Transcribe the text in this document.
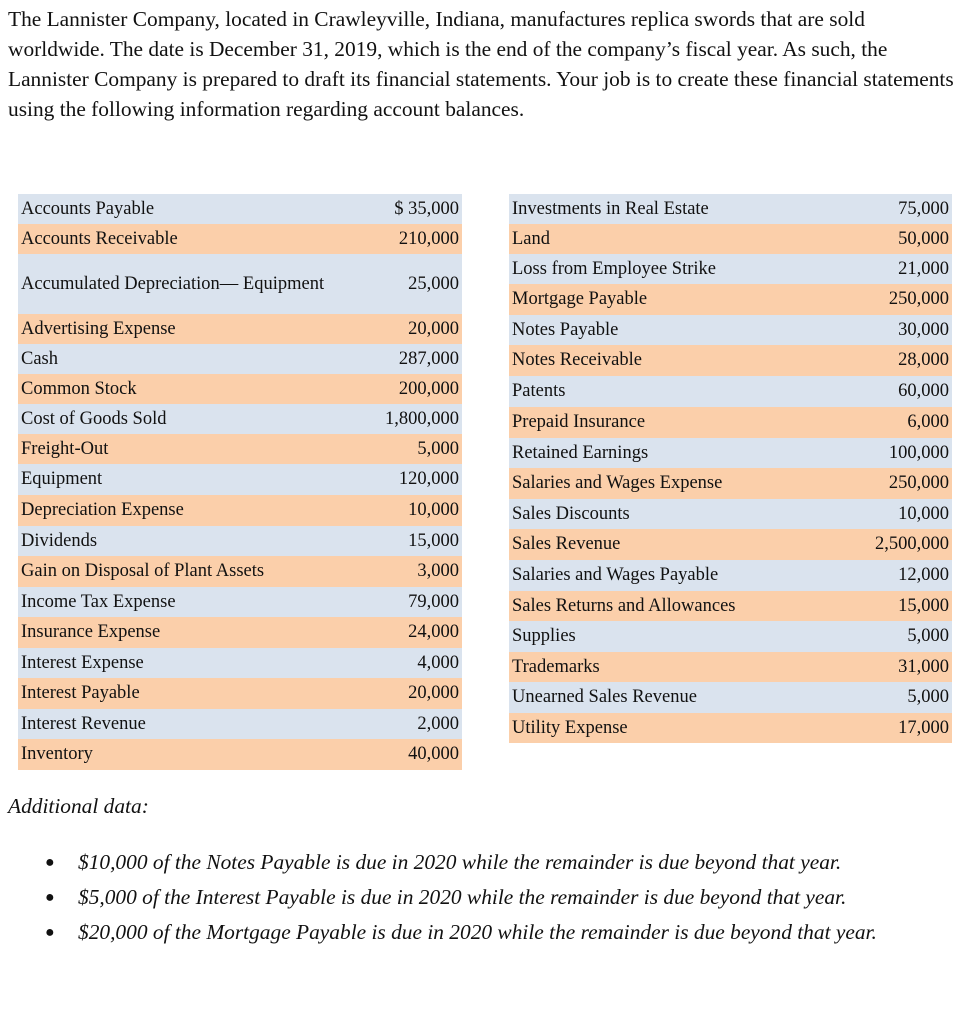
The Lannister Company, located in Crawleyville, Indiana, manufactures replica swords that are sold worldwide. The date is December 31, 2019, which is the end of the company’s fiscal year. As such, the Lannister Company is prepared to draft its financial statements. Your job is to create these financial statements using the following information regarding account balances.

Accounts Payable	$ 35,000
Accounts Receivable	210,000
Accumulated Depreciation— Equipment	25,000
Advertising Expense	20,000
Cash	287,000
Common Stock	200,000
Cost of Goods Sold	1,800,000
Freight-Out	5,000
Equipment	120,000
Depreciation Expense	10,000
Dividends	15,000
Gain on Disposal of Plant Assets	3,000
Income Tax Expense	79,000
Insurance Expense	24,000
Interest Expense	4,000
Interest Payable	20,000
Interest Revenue	2,000
Inventory	40,000
Investments in Real Estate	75,000
Land	50,000
Loss from Employee Strike	21,000
Mortgage Payable	250,000
Notes Payable	30,000
Notes Receivable	28,000
Patents	60,000
Prepaid Insurance	6,000
Retained Earnings	100,000
Salaries and Wages Expense	250,000
Sales Discounts	10,000
Sales Revenue	2,500,000
Salaries and Wages Payable	12,000
Sales Returns and Allowances	15,000
Supplies	5,000
Trademarks	31,000
Unearned Sales Revenue	5,000
Utility Expense	17,000

Additional data:

● $10,000 of the Notes Payable is due in 2020 while the remainder is due beyond that year.
● $5,000 of the Interest Payable is due in 2020 while the remainder is due beyond that year.
● $20,000 of the Mortgage Payable is due in 2020 while the remainder is due beyond that year.
